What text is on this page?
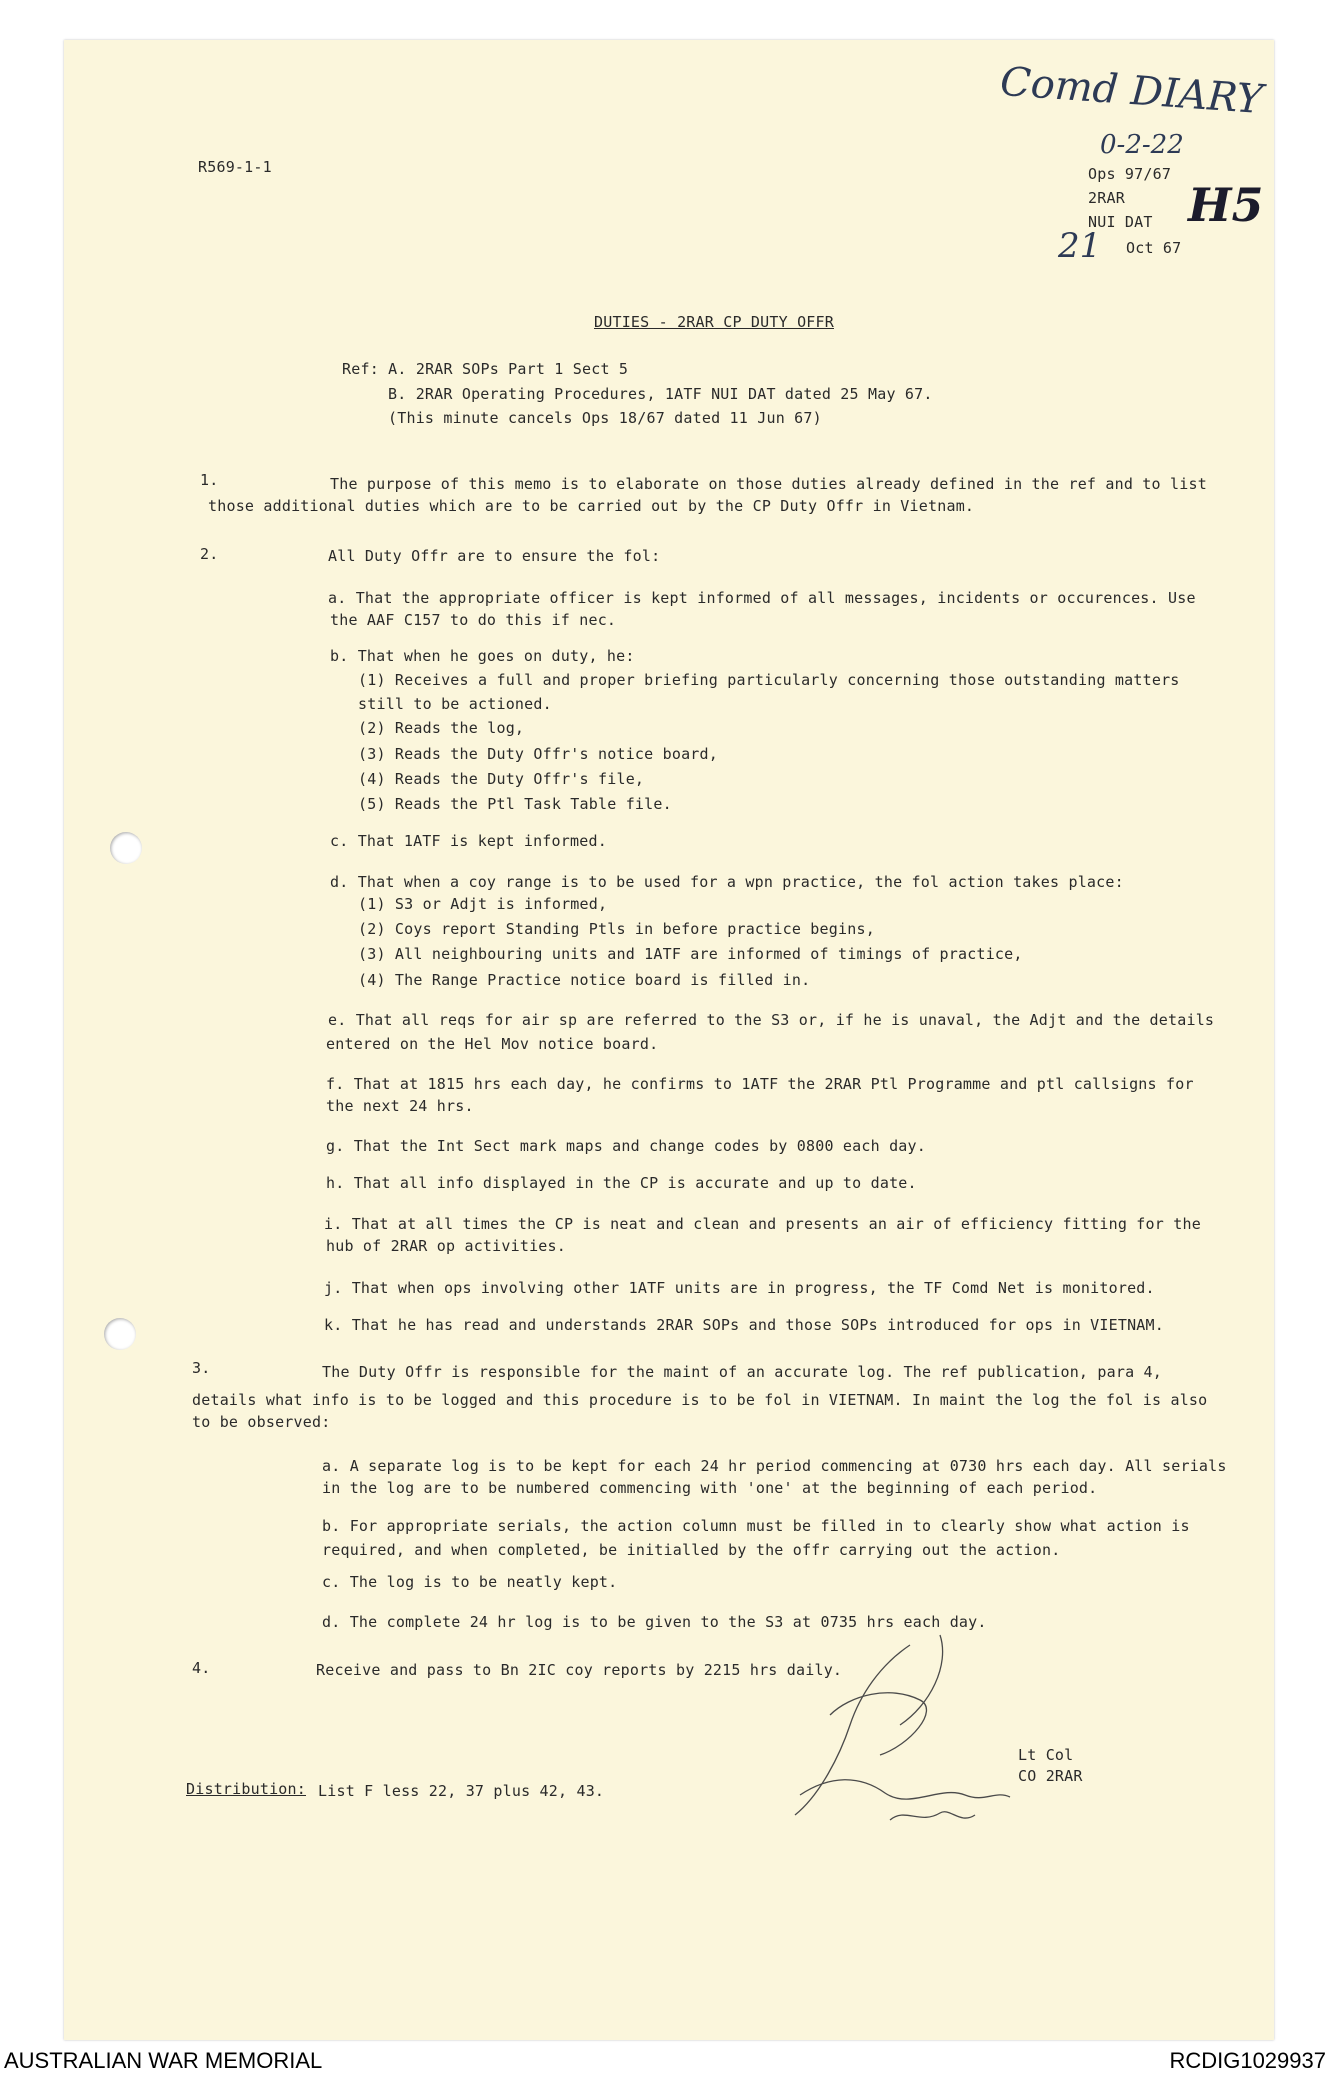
R569-1-1
Comd DIARY
0-2-22
Ops 97/67
2RAR
NUI DAT H5
21 Oct 67
DUTIES - 2RAR CP DUTY OFFR
Ref: A. 2RAR SOPs Part 1 Sect 5
B. 2RAR Operating Procedures, 1ATF NUI DAT dated 25 May 67.
(This minute cancels Ops 18/67 dated 11 Jun 67)
1.	The purpose of this memo is to elaborate on those duties already defined in the ref and to list
those additional duties which are to be carried out by the CP Duty Offr in Vietnam.
2.	All Duty Offr are to ensure the fol:
a. That the appropriate officer is kept informed of all messages, incidents or occurences. Use
the AAF C157 to do this if nec.
b. That when he goes on duty, he:
(1) Receives a full and proper briefing particularly concerning those outstanding matters
still to be actioned.
(2) Reads the log,
(3) Reads the Duty Offr's notice board,
(4) Reads the Duty Offr's file,
(5) Reads the Ptl Task Table file.
c. That 1ATF is kept informed.
d. That when a coy range is to be used for a wpn practice, the fol action takes place:
(1) S3 or Adjt is informed,
(2) Coys report Standing Ptls in before practice begins,
(3) All neighbouring units and 1ATF are informed of timings of practice,
(4) The Range Practice notice board is filled in.
e. That all reqs for air sp are referred to the S3 or, if he is unaval, the Adjt and the details
entered on the Hel Mov notice board.
f. That at 1815 hrs each day, he confirms to 1ATF the 2RAR Ptl Programme and ptl callsigns for
the next 24 hrs.
g. That the Int Sect mark maps and change codes by 0800 each day.
h. That all info displayed in the CP is accurate and up to date.
i. That at all times the CP is neat and clean and presents an air of efficiency fitting for the
hub of 2RAR op activities.
j. That when ops involving other 1ATF units are in progress, the TF Comd Net is monitored.
k. That he has read and understands 2RAR SOPs and those SOPs introduced for ops in VIETNAM.
3.	The Duty Offr is responsible for the maint of an accurate log. The ref publication, para 4,
details what info is to be logged and this procedure is to be fol in VIETNAM. In maint the log the fol is also
to be observed:
a. A separate log is to be kept for each 24 hr period commencing at 0730 hrs each day. All serials
in the log are to be numbered commencing with 'one' at the beginning of each period.
b. For appropriate serials, the action column must be filled in to clearly show what action is
required, and when completed, be initialled by the offr carrying out the action.
c. The log is to be neatly kept.
d. The complete 24 hr log is to be given to the S3 at 0735 hrs each day.
4.	Receive and pass to Bn 2IC coy reports by 2215 hrs daily.
Lt Col
CO 2RAR
Distribution: List F less 22, 37 plus 42, 43.
AUSTRALIAN WAR MEMORIAL	RCDIG1029937
